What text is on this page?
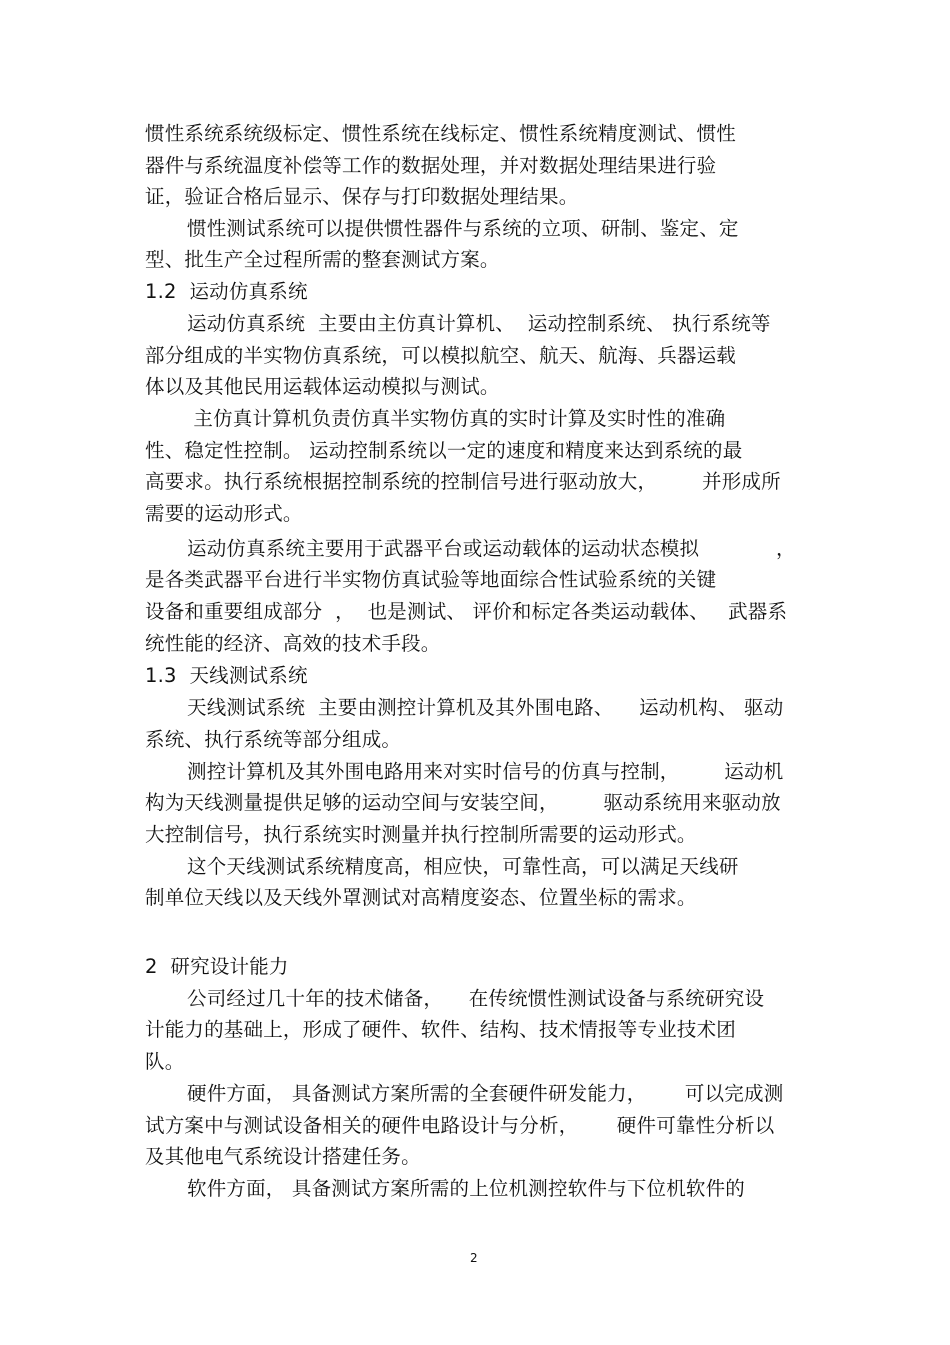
惯性系统系统级标定、惯性系统在线标定、惯性系统精度测试、惯性
器件与系统温度补偿等工作的数据处理，并对数据处理结果进行验
证，验证合格后显示、保存与打印数据处理结果。
惯性测试系统可以提供惯性器件与系统的立项、研制、鉴定、定
型、批生产全过程所需的整套测试方案。
1.2 运动仿真系统
运动仿真系统  主要由主仿真计算机、  运动控制系统、 执行系统等
部分组成的半实物仿真系统，可以模拟航空、航天、航海、兵器运载
体以及其他民用运载体运动模拟与测试。
主仿真计算机负责仿真半实物仿真的实时计算及实时性的准确
性、稳定性控制。 运动控制系统以一定的速度和精度来达到系统的最
高要求。执行系统根据控制系统的控制信号进行驱动放大，       并形成所
需要的运动形式。
运动仿真系统主要用于武器平台或运动载体的运动状态模拟            ，
是各类武器平台进行半实物仿真试验等地面综合性试验系统的关键
设备和重要组成部分  ，  也是测试、 评价和标定各类运动载体、   武器系
统性能的经济、高效的技术手段。
1.3 天线测试系统
天线测试系统  主要由测控计算机及其外围电路、    运动机构、 驱动
系统、执行系统等部分组成。
测控计算机及其外围电路用来对实时信号的仿真与控制，       运动机
构为天线测量提供足够的运动空间与安装空间，       驱动系统用来驱动放
大控制信号，执行系统实时测量并执行控制所需要的运动形式。
这个天线测试系统精度高，相应快，可靠性高，可以满足天线研
制单位天线以及天线外罩测试对高精度姿态、位置坐标的需求。
2 研究设计能力
公司经过几十年的技术储备，    在传统惯性测试设备与系统研究设
计能力的基础上，形成了硬件、软件、结构、技术情报等专业技术团
队。
硬件方面， 具备测试方案所需的全套硬件研发能力，      可以完成测
试方案中与测试设备相关的硬件电路设计与分析，      硬件可靠性分析以
及其他电气系统设计搭建任务。
软件方面， 具备测试方案所需的上位机测控软件与下位机软件的
2
